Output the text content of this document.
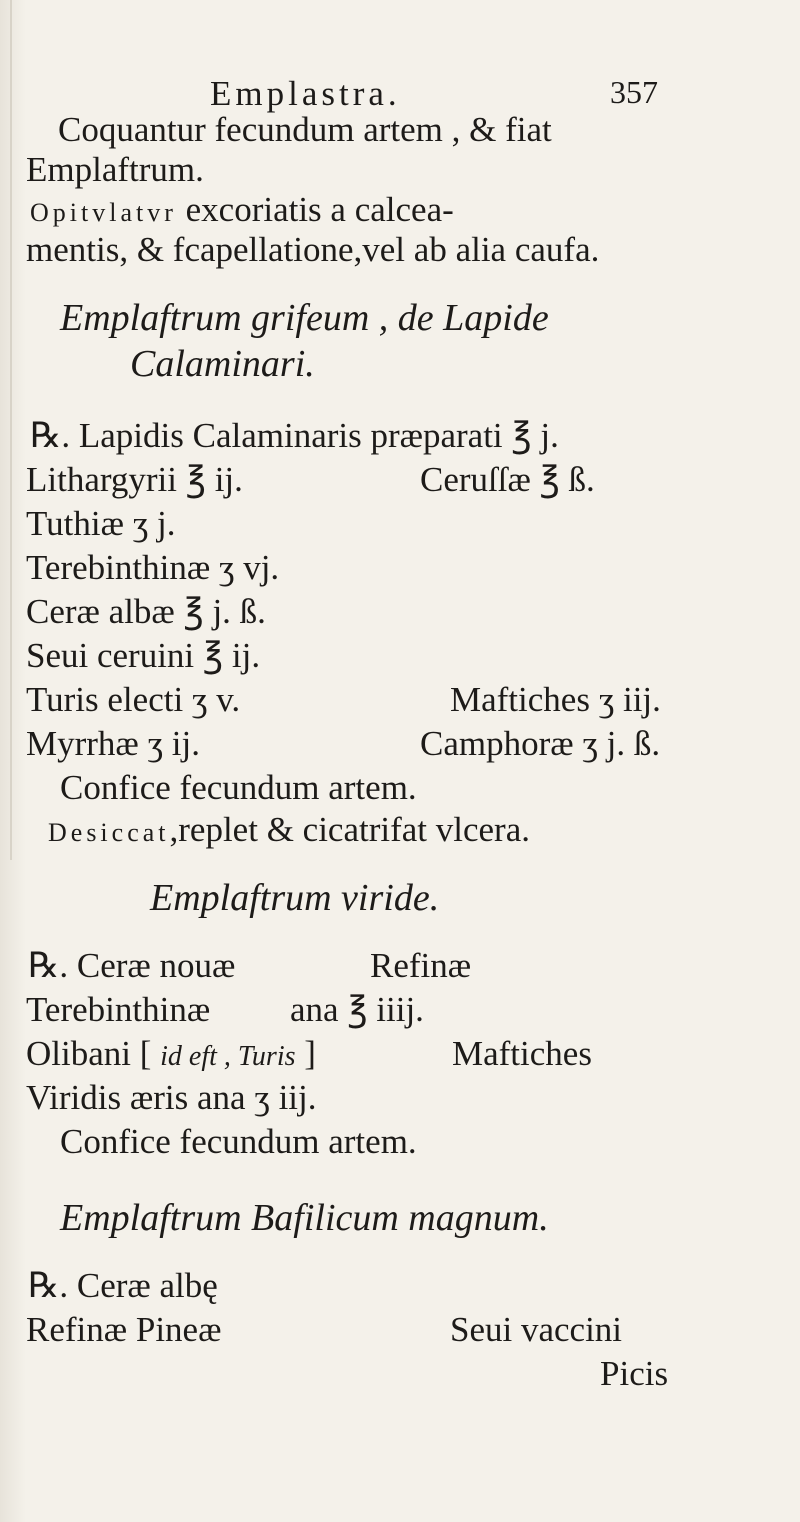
Emplastra.	357
Coquantur fecundum artem , & fiat
Emplaftrum.
Opitvlatvr excoriatis a calcea-
mentis, & fcapellatione,vel ab alia caufa.
Emplaftrum grifeum , de Lapide
Calaminari.
℞. Lapidis Calaminaris præparati ℥ j.
Lithargyrii ℥ ij.	Ceruſſæ ℥ ß.
Tuthiæ ʒ j.
Terebinthinæ ʒ vj.
Ceræ albæ ℥ j. ß.
Seui ceruini ℥ ij.
Turis electi ʒ v.	Maftiches ʒ iij.
Myrrhæ ʒ ij.	Camphoræ ʒ j. ß.
Confice fecundum artem.
Desiccat,replet & cicatrifat vlcera.
Emplaftrum viride.
℞. Ceræ nouæ	Refinæ
Terebinthinæ ana ℥ iiij.
Olibani [ id eft , Turis ]	Maftiches
Viridis æris ana ʒ iij.
Confice fecundum artem.
Emplaftrum Bafilicum magnum.
℞. Ceræ albę
Refinæ Pineæ	Seui vaccini
Picis
